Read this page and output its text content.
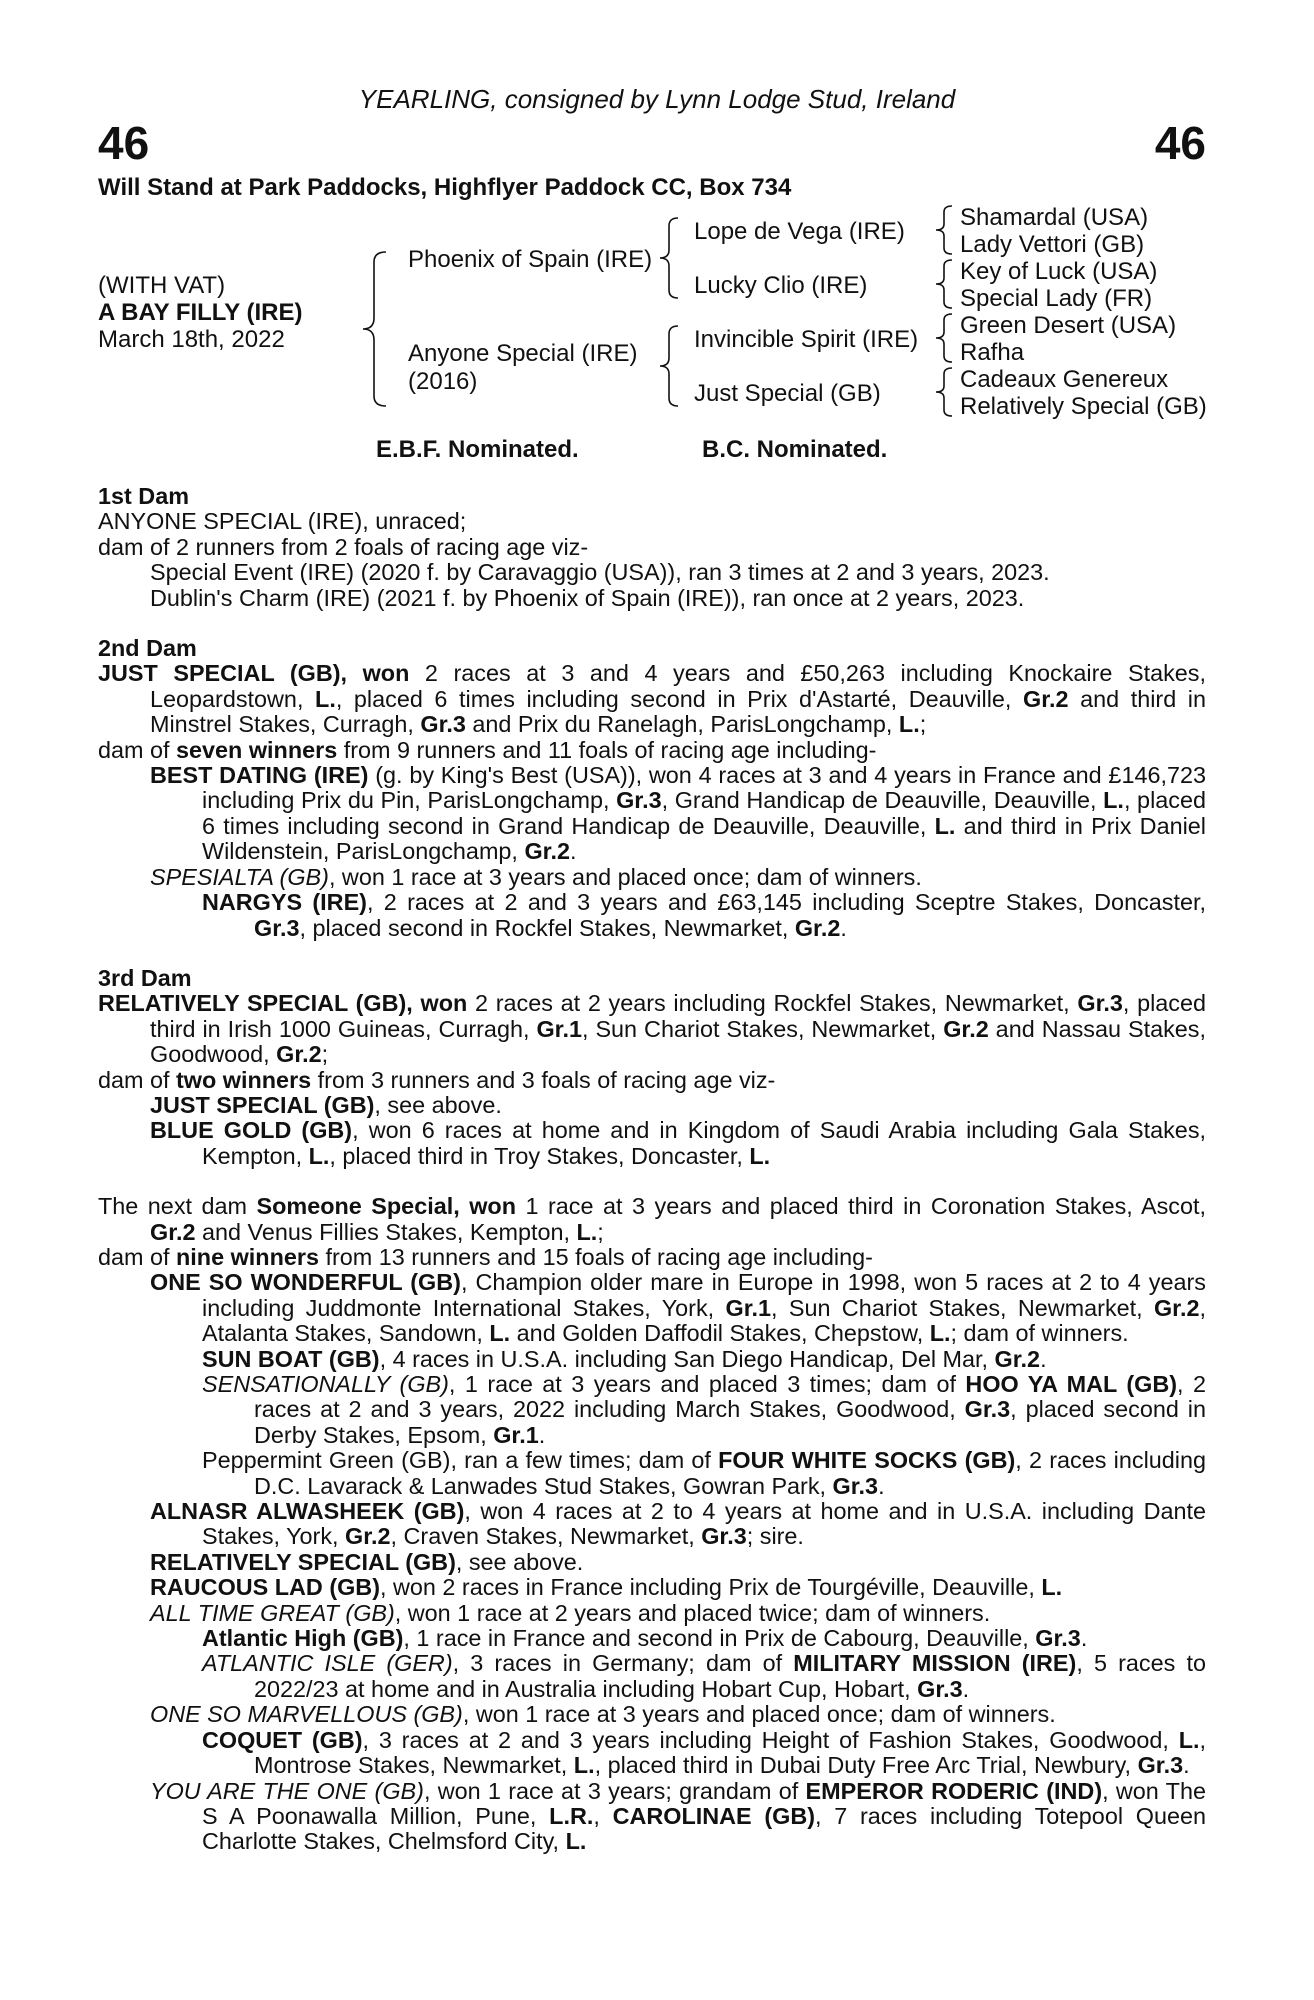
YEARLING, consigned by Lynn Lodge Stud, Ireland
46	46
Will Stand at Park Paddocks, Highflyer Paddock CC, Box 734
(WITH VAT)
A BAY FILLY (IRE)
March 18th, 2022
Phoenix of Spain (IRE)
Anyone Special (IRE)
(2016)
Lope de Vega (IRE)
Lucky Clio (IRE)
Invincible Spirit (IRE)
Just Special (GB)
Shamardal (USA)
Lady Vettori (GB)
Key of Luck (USA)
Special Lady (FR)
Green Desert (USA)
Rafha
Cadeaux Genereux
Relatively Special (GB)
E.B.F. Nominated.	B.C. Nominated.

1st Dam

ANYONE SPECIAL (IRE), unraced;

dam of 2 runners from 2 foals of racing age viz-

Special Event (IRE) (2020 f. by Caravaggio (USA)), ran 3 times at 2 and 3 years, 2023.

Dublin's Charm (IRE) (2021 f. by Phoenix of Spain (IRE)), ran once at 2 years, 2023.

2nd Dam

JUST SPECIAL (GB), won 2 races at 3 and 4 years and £50,263 including Knockaire Stakes, Leopardstown, L., placed 6 times including second in Prix d'Astarté, Deauville, Gr.2 and third in Minstrel Stakes, Curragh, Gr.3 and Prix du Ranelagh, ParisLongchamp, L.;

dam of seven winners from 9 runners and 11 foals of racing age including-

BEST DATING (IRE) (g. by King's Best (USA)), won 4 races at 3 and 4 years in France and £146,723 including Prix du Pin, ParisLongchamp, Gr.3, Grand Handicap de Deauville, Deauville, L., placed 6 times including second in Grand Handicap de Deauville, Deauville, L. and third in Prix Daniel Wildenstein, ParisLongchamp, Gr.2.

SPESIALTA (GB), won 1 race at 3 years and placed once; dam of winners.

NARGYS (IRE), 2 races at 2 and 3 years and £63,145 including Sceptre Stakes, Doncaster, Gr.3, placed second in Rockfel Stakes, Newmarket, Gr.2.

3rd Dam

RELATIVELY SPECIAL (GB), won 2 races at 2 years including Rockfel Stakes, Newmarket, Gr.3, placed third in Irish 1000 Guineas, Curragh, Gr.1, Sun Chariot Stakes, Newmarket, Gr.2 and Nassau Stakes, Goodwood, Gr.2;

dam of two winners from 3 runners and 3 foals of racing age viz-

JUST SPECIAL (GB), see above.

BLUE GOLD (GB), won 6 races at home and in Kingdom of Saudi Arabia including Gala Stakes, Kempton, L., placed third in Troy Stakes, Doncaster, L.

The next dam Someone Special, won 1 race at 3 years and placed third in Coronation Stakes, Ascot, Gr.2 and Venus Fillies Stakes, Kempton, L.;

dam of nine winners from 13 runners and 15 foals of racing age including-

ONE SO WONDERFUL (GB), Champion older mare in Europe in 1998, won 5 races at 2 to 4 years including Juddmonte International Stakes, York, Gr.1, Sun Chariot Stakes, Newmarket, Gr.2, Atalanta Stakes, Sandown, L. and Golden Daffodil Stakes, Chepstow, L.; dam of winners.

SUN BOAT (GB), 4 races in U.S.A. including San Diego Handicap, Del Mar, Gr.2.

SENSATIONALLY (GB), 1 race at 3 years and placed 3 times; dam of HOO YA MAL (GB), 2 races at 2 and 3 years, 2022 including March Stakes, Goodwood, Gr.3, placed second in Derby Stakes, Epsom, Gr.1.

Peppermint Green (GB), ran a few times; dam of FOUR WHITE SOCKS (GB), 2 races including D.C. Lavarack & Lanwades Stud Stakes, Gowran Park, Gr.3.

ALNASR ALWASHEEK (GB), won 4 races at 2 to 4 years at home and in U.S.A. including Dante Stakes, York, Gr.2, Craven Stakes, Newmarket, Gr.3; sire.

RELATIVELY SPECIAL (GB), see above.

RAUCOUS LAD (GB), won 2 races in France including Prix de Tourgéville, Deauville, L.

ALL TIME GREAT (GB), won 1 race at 2 years and placed twice; dam of winners.

Atlantic High (GB), 1 race in France and second in Prix de Cabourg, Deauville, Gr.3.

ATLANTIC ISLE (GER), 3 races in Germany; dam of MILITARY MISSION (IRE), 5 races to 2022/23 at home and in Australia including Hobart Cup, Hobart, Gr.3.

ONE SO MARVELLOUS (GB), won 1 race at 3 years and placed once; dam of winners.

COQUET (GB), 3 races at 2 and 3 years including Height of Fashion Stakes, Goodwood, L., Montrose Stakes, Newmarket, L., placed third in Dubai Duty Free Arc Trial, Newbury, Gr.3.

YOU ARE THE ONE (GB), won 1 race at 3 years; grandam of EMPEROR RODERIC (IND), won The S A Poonawalla Million, Pune, L.R., CAROLINAE (GB), 7 races including Totepool Queen Charlotte Stakes, Chelmsford City, L.
